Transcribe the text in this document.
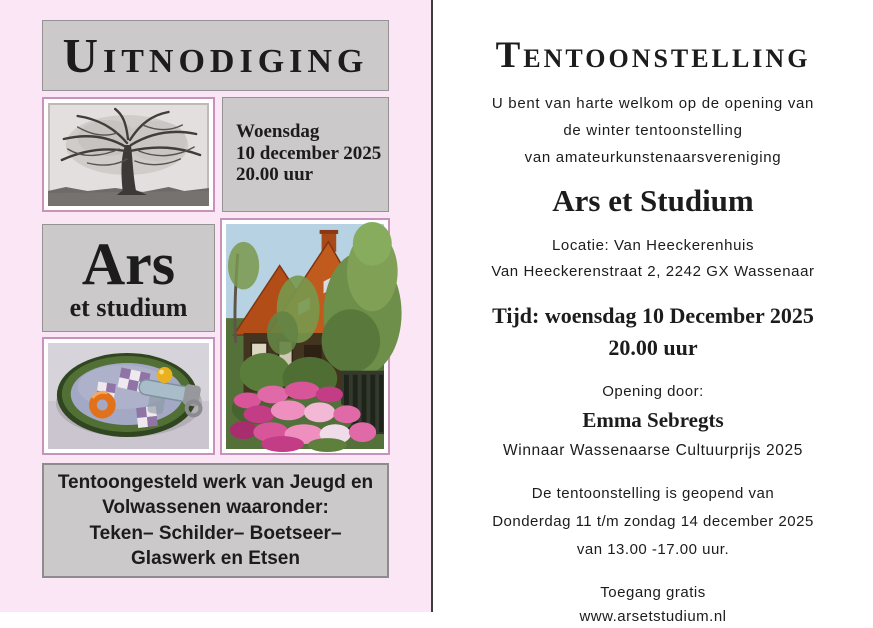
Uitnodiging
Woensdag
10 december 2025
20.00 uur
Ars
et studium
Tentoongesteld werk van Jeugd en
Volwassenen waaronder:
Teken– Schilder– Boetseer–
Glaswerk en Etsen
Tentoonstelling
U bent van harte welkom op de opening van
de winter tentoonstelling
van amateurkunstenaarsvereniging
Ars et Studium
Locatie: Van Heeckerenhuis
Van Heeckerenstraat 2, 2242 GX Wassenaar
Tijd: woensdag 10 December 2025
20.00 uur
Opening door:
Emma Sebregts
Winnaar Wassenaarse Cultuurprijs 2025
De tentoonstelling is geopend van
Donderdag 11 t/m zondag 14 december 2025
van 13.00 -17.00 uur.
Toegang gratis
www.arsetstudium.nl
